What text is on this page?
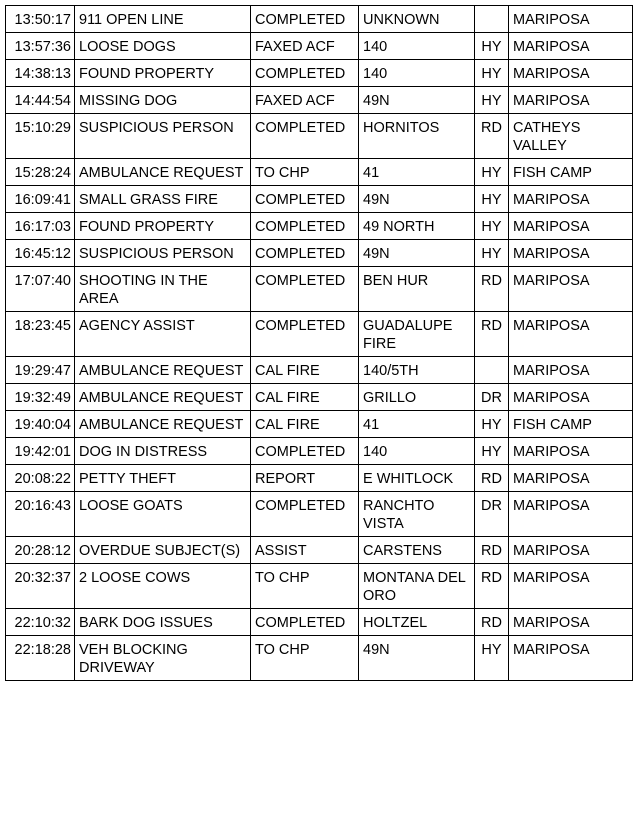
13:50:17	911 OPEN LINE	COMPLETED	UNKNOWN		MARIPOSA
13:57:36	LOOSE DOGS	FAXED ACF	140	HY	MARIPOSA
14:38:13	FOUND PROPERTY	COMPLETED	140	HY	MARIPOSA
14:44:54	MISSING DOG	FAXED ACF	49N	HY	MARIPOSA
15:10:29	SUSPICIOUS PERSON	COMPLETED	HORNITOS	RD	CATHEYS VALLEY
15:28:24	AMBULANCE REQUEST	TO CHP	41	HY	FISH CAMP
16:09:41	SMALL GRASS FIRE	COMPLETED	49N	HY	MARIPOSA
16:17:03	FOUND PROPERTY	COMPLETED	49 NORTH	HY	MARIPOSA
16:45:12	SUSPICIOUS PERSON	COMPLETED	49N	HY	MARIPOSA
17:07:40	SHOOTING IN THE AREA	COMPLETED	BEN HUR	RD	MARIPOSA
18:23:45	AGENCY ASSIST	COMPLETED	GUADALUPE FIRE	RD	MARIPOSA
19:29:47	AMBULANCE REQUEST	CAL FIRE	140/5TH		MARIPOSA
19:32:49	AMBULANCE REQUEST	CAL FIRE	GRILLO	DR	MARIPOSA
19:40:04	AMBULANCE REQUEST	CAL FIRE	41	HY	FISH CAMP
19:42:01	DOG IN DISTRESS	COMPLETED	140	HY	MARIPOSA
20:08:22	PETTY THEFT	REPORT	E WHITLOCK	RD	MARIPOSA
20:16:43	LOOSE GOATS	COMPLETED	RANCHTO VISTA	DR	MARIPOSA
20:28:12	OVERDUE SUBJECT(S)	ASSIST	CARSTENS	RD	MARIPOSA
20:32:37	2 LOOSE COWS	TO CHP	MONTANA DEL ORO	RD	MARIPOSA
22:10:32	BARK DOG ISSUES	COMPLETED	HOLTZEL	RD	MARIPOSA
22:18:28	VEH BLOCKING DRIVEWAY	TO CHP	49N	HY	MARIPOSA
